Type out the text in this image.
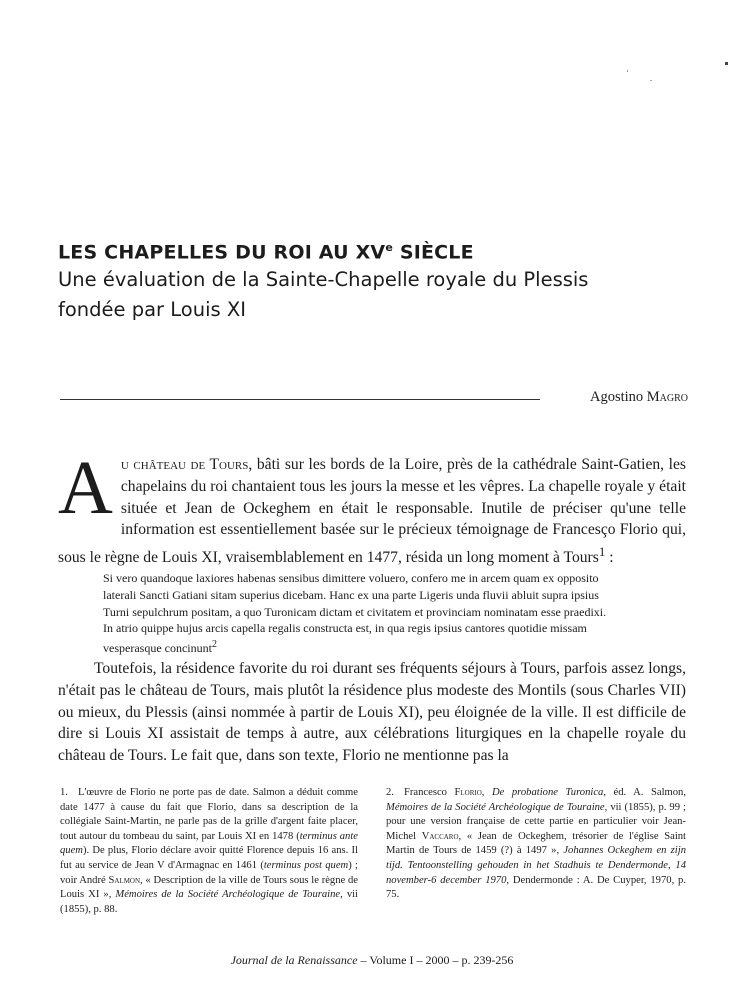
LES CHAPELLES DU ROI AU XVe SIÈCLE
Une évaluation de la Sainte-Chapelle royale du Plessis
fondée par Louis XI

Agostino Magro

Au château de Tours, bâti sur les bords de la Loire, près de la cathédrale Saint-Gatien, les chapelains du roi chantaient tous les jours la messe et les vêpres. La chapelle royale y était située et Jean de Ockeghem en était le responsable. Inutile de préciser qu'une telle information est essentiellement basée sur le précieux témoignage de Francesço Florio qui, sous le règne de Louis XI, vraisemblablement en 1477, résida un long moment à Tours$^1$ :

Si vero quandoque laxiores habenas sensibus dimittere voluero, confero me in arcem quam ex opposito laterali Sancti Gatiani sitam superius dicebam. Hanc ex una parte Ligeris unda fluvii abluit supra ipsius Turni sepulchrum positam, a quo Turonicam dictam et civitatem et provinciam nominatam esse praedixi. In atrio quippe hujus arcis capella regalis constructa est, in qua regis ipsius cantores quotidie missam vesperasque concinunt$^2$

Toutefois, la résidence favorite du roi durant ses fréquents séjours à Tours, parfois assez longs, n'était pas le château de Tours, mais plutôt la résidence plus modeste des Montils (sous Charles VII) ou mieux, du Plessis (ainsi nommée à partir de Louis XI), peu éloignée de la ville. Il est difficile de dire si Louis XI assistait de temps à autre, aux célébrations liturgiques en la chapelle royale du château de Tours. Le fait que, dans son texte, Florio ne mentionne pas la

1. L'œuvre de Florio ne porte pas de date. Salmon a déduit comme date 1477 à cause du fait que Florio, dans sa description de la collégiale Saint-Martin, ne parle pas de la grille d'argent faite placer, tout autour du tombeau du saint, par Louis XI en 1478 (terminus ante quem). De plus, Florio déclare avoir quitté Florence depuis 16 ans. Il fut au service de Jean V d'Armagnac en 1461 (terminus post quem) ; voir André Salmon, « Description de la ville de Tours sous le règne de Louis XI », Mémoires de la Société Archéologique de Touraine, vii (1855), p. 88.

2. Francesco Florio, De probatione Turonica, éd. A. Salmon, Mémoires de la Société Archéologique de Touraine, vii (1855), p. 99 ; pour une version française de cette partie en particulier voir Jean-Michel Vaccaro, « Jean de Ockeghem, trésorier de l'église Saint Martin de Tours de 1459 (?) à 1497 », Johannes Ockeghem en zijn tijd. Tentoonstelling gehouden in het Stadhuis te Dendermonde, 14 november-6 december 1970, Dendermonde : A. De Cuyper, 1970, p. 75.

Journal de la Renaissance – Volume I – 2000 – p. 239-256
